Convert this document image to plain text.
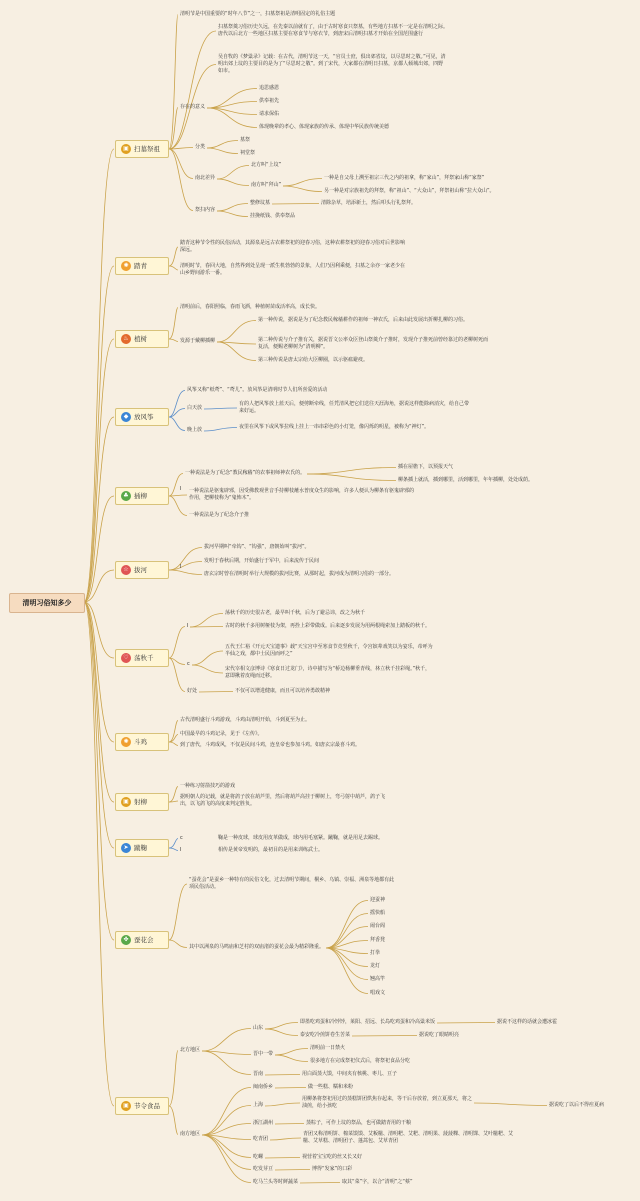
清明习俗知多少
▣ 扫墓祭祖
✺ 踏青
♨ 植树
◆ 放风筝
♣ 插柳
☆ 拔河
♡ 荡秋千
✺ 斗鸡
▣ 射柳
➤ 蹴鞠
✤ 蚕花会
▣ 节令食品
清明节是中国重要的“时年八节”之一，扫墓祭祖是清明固定的礼俗主题
扫墓祭奠习俗历史久远，在先秦以前就有了，由于古时寒食只祭墓，有些地方扫墓不一定是在清明之际。唐代以后北方一些地区扫墓主要在寒食节与寒衣节，到唐宋后清明扫墓才开始在全国范围盛行
吴自牧的《梦粱录》记载：在古代，清明节这一天，“官员士庶，俱出郊省坟，以尽思时之敬。”可见，清明出郊上坟的主要目的是为了“尽思时之敬”。到了宋代，大家都在清明日扫墓，京都人倾城出郊，四野如市。
存在的意义
追思感恩
供奉祖先
请求保佑
体现晚辈的孝心、体现家族的传承、体现中华民族传统美德
分类
墓祭
祠堂祭
南北差异
北方叫“上坟”
南方叫“拜山”
一种是自父母上溯至祖宗三代之内的祖拿，称“家山”，拜祭家山称“家祭”
另一种是对宗族祖先的拜祭，称“祖山”、“大众山”，拜祭祖山称“拉大众山”。
祭扫内容
整修坟墓	清除杂草，培添新土，然后叩头行礼祭拜。
挂挽纸钱、供奉祭品
踏青这种节令性的民俗活动，其源泉是远古农耕祭祀的迎春习俗，这种农耕祭祀的迎春习俗对后世影响深远。
清明时节，春回大地，自然界到处呈现一派生机勃勃的景象，人们乃因利乘便，扫墓之余亦一家老少在山乡野间游乐一番。
清明前后，春阳照临，春雨飞洒，种植树苗成活率高，成长快。
发源于戴柳插柳
第一种传说，据说是为了纪念教民稼穑耕作的祖师一神农氏，后来由此发展出折柳扎柳的习俗。
第二种传说与介子推有关，据说晋文公率众臣登山祭奠介子推时，发现介子推死前曾经靠过的老柳树死而复活，便赐老柳树为“清明柳”。
第三种传说是唐太宗给大臣柳圈，以示驱瘟避疫。
风筝又称“纸鸢”、“鸢儿”。放风筝是清明时节人们所喜爱的活动
白天放
有的人把风筝放上蓝天后，便剪断牵线，任凭清风把它们送往天涯海角，据说这样能除病消灾，给自己带来好运。
晚上放	夜里在风筝下或风筝拉线上挂上一串串彩色的小灯笼，像闪烁的明星，被称为“神灯”。
I
一种说法是为了纪念“教民稼穑”的农事祖师神农氏的。
插在屋檐下，以预报天气
柳条插上就活，插到哪里，活到哪里，年年插柳，处处成荫。
一种说法是驱鬼辟邪，因受佛教观世音手持柳枝蘸水普度众生的影响，许多人便认为柳条有驱鬼辟邪的作用，把柳枝称为“鬼怖木”。
一种说法是为了纪念介子推
I
拔河早期叫“牵钩”、“钩强”，唐朝始叫“拔河”。
发明于春秋后期，开始盛行于军中，后来流传于民间
唐玄宗时曾在清明时举行大规模的拔河比赛，从那时起，拔河成为清明习俗的一部分。
I
荡秋千的历史很古老，最早叫千秋，后为了避忌讳，改之为秋千
古时的秋千多用树桠枝为架，再拴上彩带做成。后来逐步发展为用两根绳索加上踏板的秋千。
c
五代王仁裕《开元天宝遗事》载“天宝宫中至寒食节竞竖秋千，令宫嫔辈戏笑以为宴乐，帝呼为半仙之戏，都中士民因而呼之”
宋代宰相文彦博诗《寒食日过龙门》，诗中描写为“桥边杨柳垂青线，林立秋千挂彩绳。”秋千，意即揪着皮绳而迁移。
好处	不仅可以增进健康，而且可以培养勇敢精神
古代清明盛行斗鸡游戏，斗鸡由清明开始，斗到夏至为止。
中国最早的斗鸡记录，见于《左传》。
到了唐代，斗鸡成风，不仅是民间斗鸡，连皇帝也参加斗鸡。如唐玄宗最喜斗鸡。
一种练习射箭技巧的游戏
据明朝人的记载，就是将鸽子放在葫芦里，然后将葫芦高挂于柳树上，弯弓射中葫芦，鸽子飞出，以飞鸽飞的高度来判定胜负。
c	鞠是一种皮球，球皮用皮革做成，球内用毛塞紧。蹴鞠，就是用足去踢球。
I	相传是黄帝发明的，最初目的是用来训练武士。
“蚕花会”是蚕乡一种特有的民俗文化，过去清明节期间，桐乡、乌镇、崇福、洲泉等地都有此项民俗活动。
其中以洲泉的马鸣庙和芝村的双庙渚的蚕花会最为精彩隆重。
迎蚕神
摇快船
闹台阁
拜香凳
打拳
龙灯
翘高竿
唱戏文
北方地区
山东
即墨吃鸡蛋和冷饽饽，莱阳、招远、长岛吃鸡蛋和冷高粱米饭	据说不这样的话就会遭冰雹
泰安吃冷煎饼卷生苦菜	据说吃了眼睛明亮
晋中一带
清明前一日禁火
很多地方在完成祭祀仪式后，将祭祀食品分吃
晋南	用白面蒸大馍，中间夹有核桃、枣儿、豆子
南方地区
闽南侨乡	做一些糕、糯和米粉
上海
用柳条将祭祀用过的蒸糕饼团烘焦存起来，等干后存放着，到立夏那天，将之油煎，给小孩吃	据说吃了以后不得疰夏病
浙江湖州	蒸粽子，可作上坟的祭品，也可做踏青用的干粮
吃青团
青团又称清明饼、棉菜馍馍、艾粄糍、清明粑、艾粑、清明果、菠菠粿、清明馃、艾叶糍粑、艾糍、艾草糕、清明团子、蓬蒿包、艾草青团
吃螺	视营着宝宝吃的丝又长又好
吃发芽豆	博得“发家”的口彩
吃马兰头等时鲜蔬菜	取其“菜”字，以合“清明”之“蔡”
